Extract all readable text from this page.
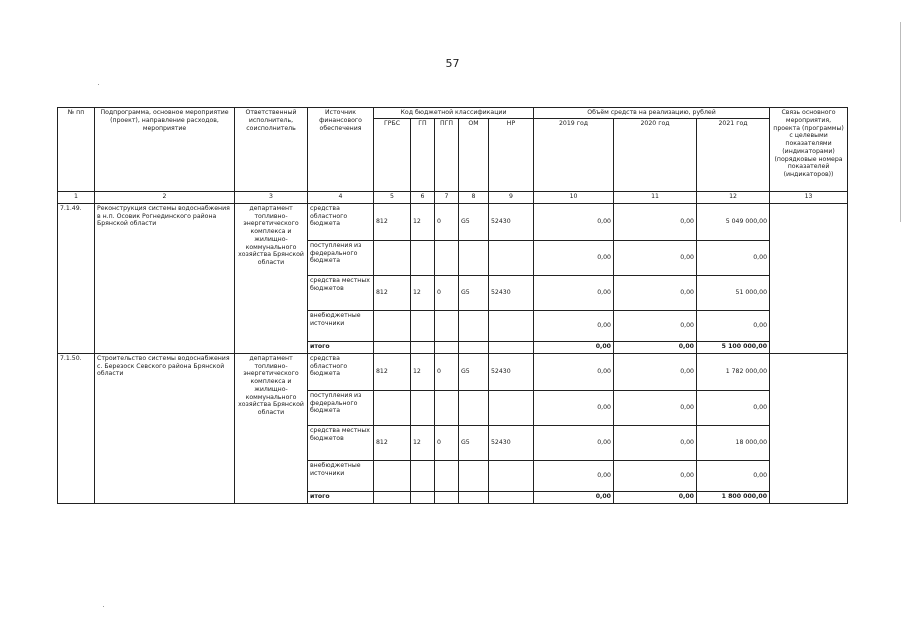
57
№ пп	Подпрограмма, основное мероприятие (проект), направление расходов, мероприятие	Ответственный исполнитель, соисполнитель	Источник финансового обеспечения	Код бюджетной классификации					Объём средств на реализацию, рублей			Связь основного мероприятия, проекта (программы) с целевыми показателями (индикаторами) (порядковые номера показателей (индикаторов))
				ГРБС	ГП	ПГП	ОМ	НР	2019 год	2020 год	2021 год	
1	2	3	4	5	6	7	8	9	10	11	12	13
7.1.49.	Реконструкция системы водоснабжения в н.п. Осовик Рогнединского района Брянской области	департамент топливно-энергетического комплекса и жилищно-коммунального хозяйства Брянской области	средства областного бюджета	812	12	0	G5	52430	0,00	0,00	5 049 000,00	
			поступления из федерального бюджета						0,00	0,00	0,00	
			средства местных бюджетов	812	12	0	G5	52430	0,00	0,00	51 000,00	
			внебюджетные источники						0,00	0,00	0,00	
			итого						0,00	0,00	5 100 000,00	
7.1.50.	Строительство системы водоснабжения с. Березоск Севского района Брянской области	департамент топливно-энергетического комплекса и жилищно-коммунального хозяйства Брянской области	средства областного бюджета	812	12	0	G5	52430	0,00	0,00	1 782 000,00	
			поступления из федерального бюджета						0,00	0,00	0,00	
			средства местных бюджетов	812	12	0	G5	52430	0,00	0,00	18 000,00	
			внебюджетные источники						0,00	0,00	0,00	
			итого						0,00	0,00	1 800 000,00	
